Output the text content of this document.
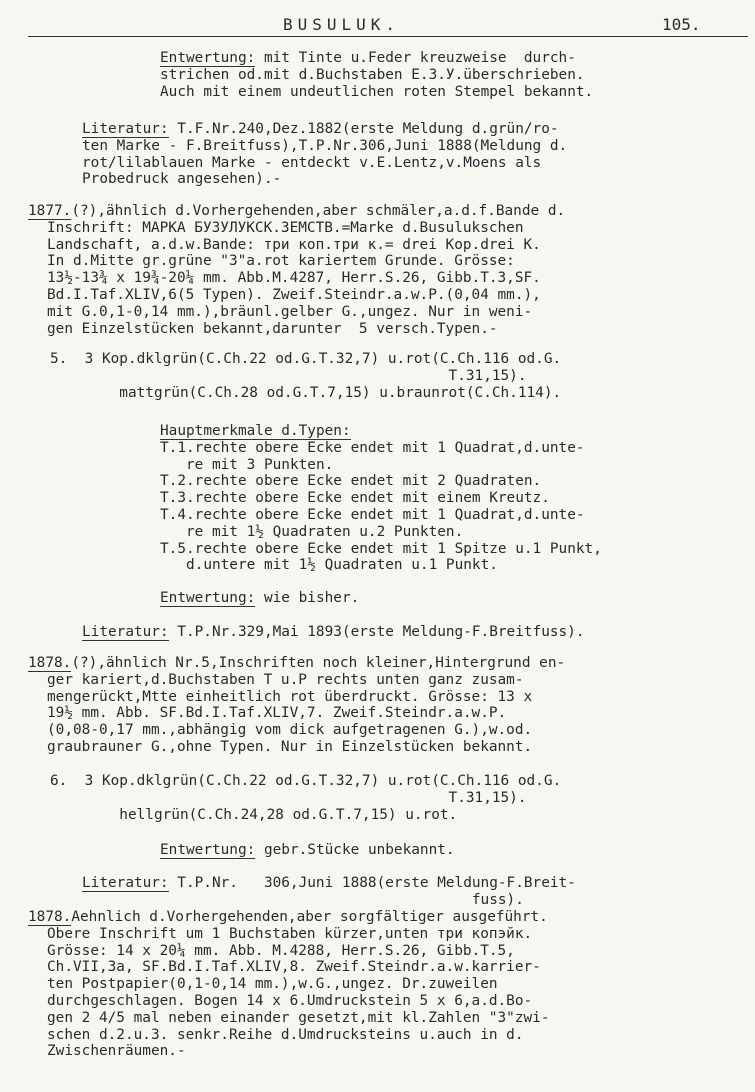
BUSULUK.	105.
Entwertung: mit Tinte u.Feder kreuzweise  durch-
strichen od.mit d.Buchstaben E.3.У.überschrieben.
Auch mit einem undeutlichen roten Stempel bekannt.
Literatur: T.F.Nr.240,Dez.1882(erste Meldung d.grün/ro-
ten Marke - F.Breitfuss),T.P.Nr.306,Juni 1888(Meldung d.
rot/lilablauen Marke - entdeckt v.E.Lentz,v.Moens als
Probedruck angesehen).-
1877.(?),ähnlich d.Vorhergehenden,aber schmäler,a.d.f.Bande d.
Inschrift: МАРКА БУЗУЛУКСК.ЗЕМСТВ.=Marke d.Busulukschen
Landschaft, a.d.w.Bande: три коп.три к.= drei Kop.drei K.
In d.Mitte gr.grüne "3"a.rot kariertem Grunde. Grösse:
13½-13¾ x 19¾-20¼ mm. Abb.M.4287, Herr.S.26, Gibb.T.3,SF.
Bd.I.Taf.XLIV,6(5 Typen). Zweif.Steindr.a.w.P.(0,04 mm.),
mit G.0,1-0,14 mm.),bräunl.gelber G.,ungez. Nur in weni-
gen Einzelstücken bekannt,darunter  5 versch.Typen.-
5.  3 Kop.dklgrün(C.Ch.22 od.G.T.32,7) u.rot(C.Ch.116 od.G.
T.31,15).
mattgrün(C.Ch.28 od.G.T.7,15) u.braunrot(C.Ch.114).
Hauptmerkmale d.Typen:
T.1.rechte obere Ecke endet mit 1 Quadrat,d.unte-
re mit 3 Punkten.
T.2.rechte obere Ecke endet mit 2 Quadraten.
T.3.rechte obere Ecke endet mit einem Kreutz.
T.4.rechte obere Ecke endet mit 1 Quadrat,d.unte-
re mit 1½ Quadraten u.2 Punkten.
T.5.rechte obere Ecke endet mit 1 Spitze u.1 Punkt,
d.untere mit 1½ Quadraten u.1 Punkt.
Entwertung: wie bisher.
Literatur: T.P.Nr.329,Mai 1893(erste Meldung-F.Breitfuss).
1878.(?),ähnlich Nr.5,Inschriften noch kleiner,Hintergrund en-
ger kariert,d.Buchstaben T u.P rechts unten ganz zusam-
mengerückt,Mtte einheitlich rot überdruckt. Grösse: 13 x
19½ mm. Abb. SF.Bd.I.Taf.XLIV,7. Zweif.Steindr.a.w.P.
(0,08-0,17 mm.,abhängig vom dick aufgetragenen G.),w.od.
graubrauner G.,ohne Typen. Nur in Einzelstücken bekannt.
6.  3 Kop.dklgrün(C.Ch.22 od.G.T.32,7) u.rot(C.Ch.116 od.G.
T.31,15).
hellgrün(C.Ch.24,28 od.G.T.7,15) u.rot.
Entwertung: gebr.Stücke unbekannt.
Literatur: T.P.Nr.   306,Juni 1888(erste Meldung-F.Breit-
fuss).
1878.Aehnlich d.Vorhergehenden,aber sorgfältiger ausgeführt.
Obere Inschrift um 1 Buchstaben kürzer,unten три копэйк.
Grösse: 14 x 20¼ mm. Abb. M.4288, Herr.S.26, Gibb.T.5,
Ch.VII,3a, SF.Bd.I.Taf.XLIV,8. Zweif.Steindr.a.w.karrier-
ten Postpapier(0,1-0,14 mm.),w.G.,ungez. Dr.zuweilen
durchgeschlagen. Bogen 14 x 6.Umdruckstein 5 x 6,a.d.Bo-
gen 2 4/5 mal neben einander gesetzt,mit kl.Zahlen "3"zwi-
schen d.2.u.3. senkr.Reihe d.Umdrucksteins u.auch in d.
Zwischenräumen.-
